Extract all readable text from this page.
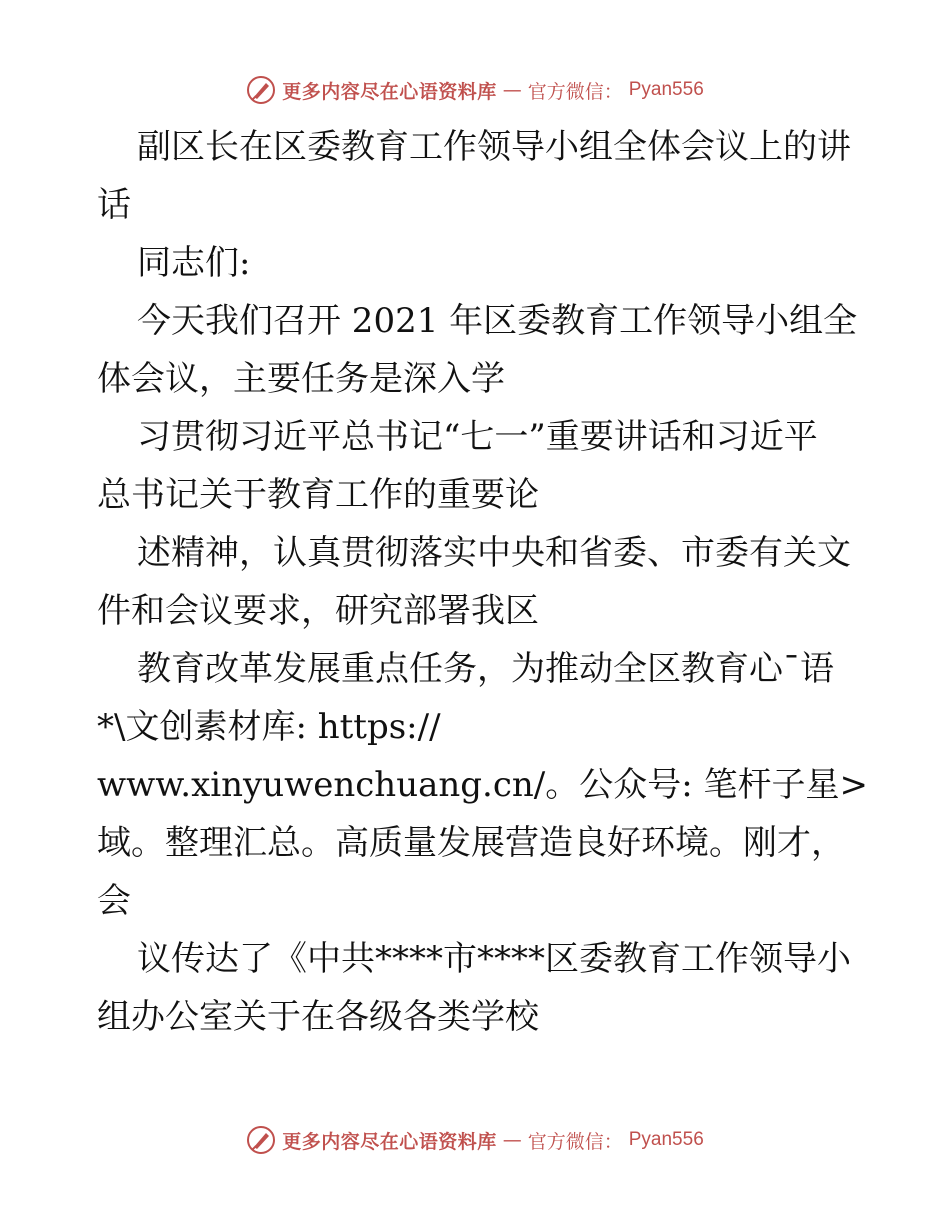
更多内容尽在心语资料库 — 官方微信： Pyan556
副区长在区委教育工作领导小组全体会议上的讲
话
同志们:
今天我们召开 2021 年区委教育工作领导小组全
体会议，主要任务是深入学
习贯彻习近平总书记“七一”重要讲话和习近平
总书记关于教育工作的重要论
述精神，认真贯彻落实中央和省委、市委有关文
件和会议要求，研究部署我区
教育改革发展重点任务，为推动全区教育心¯语
*\文创素材库: https://
www.xinyuwenchuang.cn/。公众号: 笔杆子星>
域。整理汇总。高质量发展营造良好环境。刚才，
会
议传达了《中共****市****区委教育工作领导小
组办公室关于在各级各类学校
更多内容尽在心语资料库 — 官方微信： Pyan556
